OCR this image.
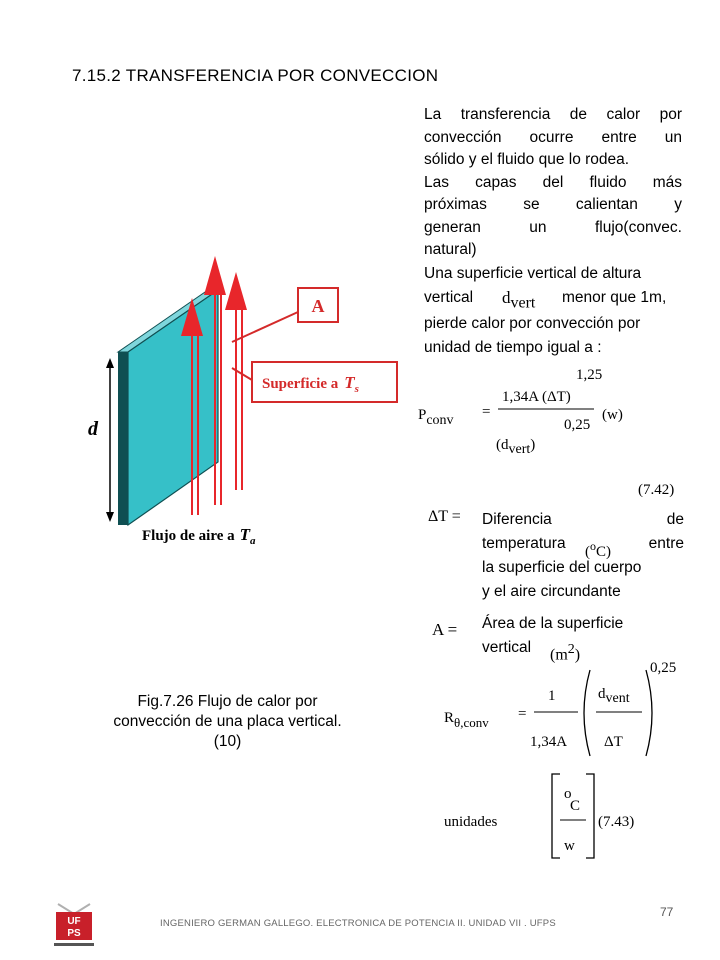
7.15.2 TRANSFERENCIA POR CONVECCION
La transferencia de calor por
convección ocurre entre un
sólido y el fluido que lo rodea.
Las capas del fluido más
próximas se calientan y
generan un flujo(convec.
natural)
Una superficie vertical de altura
vertical $d_{vert}$ menor que 1m,
pierde calor por convección por
unidad de tiempo igual a :
d
A
Superficie a $T_s$
Flujo de aire a $T_a$
Pconv
=
1,25
1,34A (ΔT)
0,25
(dvert)
(w)
(7.42)
ΔT = Diferencia	de
temperatura ($^o$C) entre
la superficie del cuerpo
y el aire circundante
A = Área de la superficie
vertical $(m^2)$
Rθ,conv
=
1
1,34A
dvent
ΔT
0,25
unidades
o
C
w
(7.43)
Fig.7.26 Flujo de calor por convección de una placa vertical.(10)
UF
PS
INGENIERO GERMAN GALLEGO. ELECTRONICA DE POTENCIA II. UNIDAD VII . UFPS
77
